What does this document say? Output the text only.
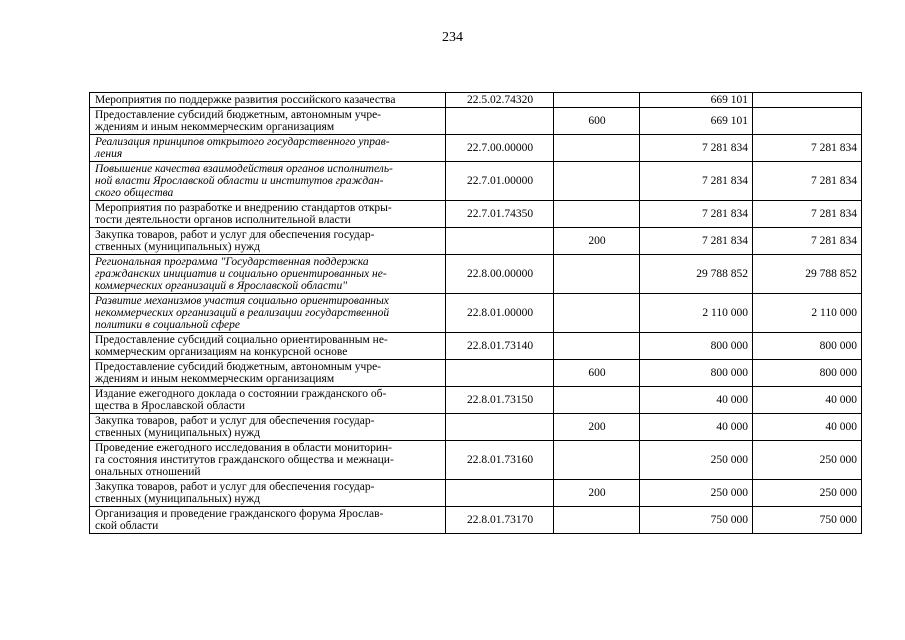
234
Мероприятия по поддержке развития российского казачества	22.5.02.74320		669 101	
Предоставление субсидий бюджетным, автономным учре-
ждениям и иным некоммерческим организациям		600	669 101	
Реализация принципов открытого государственного управ-
ления	22.7.00.00000		7 281 834	7 281 834
Повышение качества взаимодействия органов исполнитель-
ной власти Ярославской области и институтов граждан-
ского общества	22.7.01.00000		7 281 834	7 281 834
Мероприятия по разработке и внедрению стандартов откры-
тости деятельности органов исполнительной власти	22.7.01.74350		7 281 834	7 281 834
Закупка товаров, работ и услуг для обеспечения государ-
ственных (муниципальных) нужд		200	7 281 834	7 281 834
Региональная программа "Государственная поддержка
гражданских инициатив и социально ориентированных не-
коммерческих организаций в Ярославской области"	22.8.00.00000		29 788 852	29 788 852
Развитие механизмов участия социально ориентированных
некоммерческих организаций в реализации государственной
политики в социальной сфере	22.8.01.00000		2 110 000	2 110 000
Предоставление субсидий социально ориентированным не-
коммерческим организациям на конкурсной основе	22.8.01.73140		800 000	800 000
Предоставление субсидий бюджетным, автономным учре-
ждениям и иным некоммерческим организациям		600	800 000	800 000
Издание ежегодного доклада о состоянии гражданского об-
щества в Ярославской области	22.8.01.73150		40 000	40 000
Закупка товаров, работ и услуг для обеспечения государ-
ственных (муниципальных) нужд		200	40 000	40 000
Проведение ежегодного исследования в области мониторин-
га состояния институтов гражданского общества и межнаци-
ональных отношений	22.8.01.73160		250 000	250 000
Закупка товаров, работ и услуг для обеспечения государ-
ственных (муниципальных) нужд		200	250 000	250 000
Организация и проведение гражданского форума Ярослав-
ской области	22.8.01.73170		750 000	750 000
